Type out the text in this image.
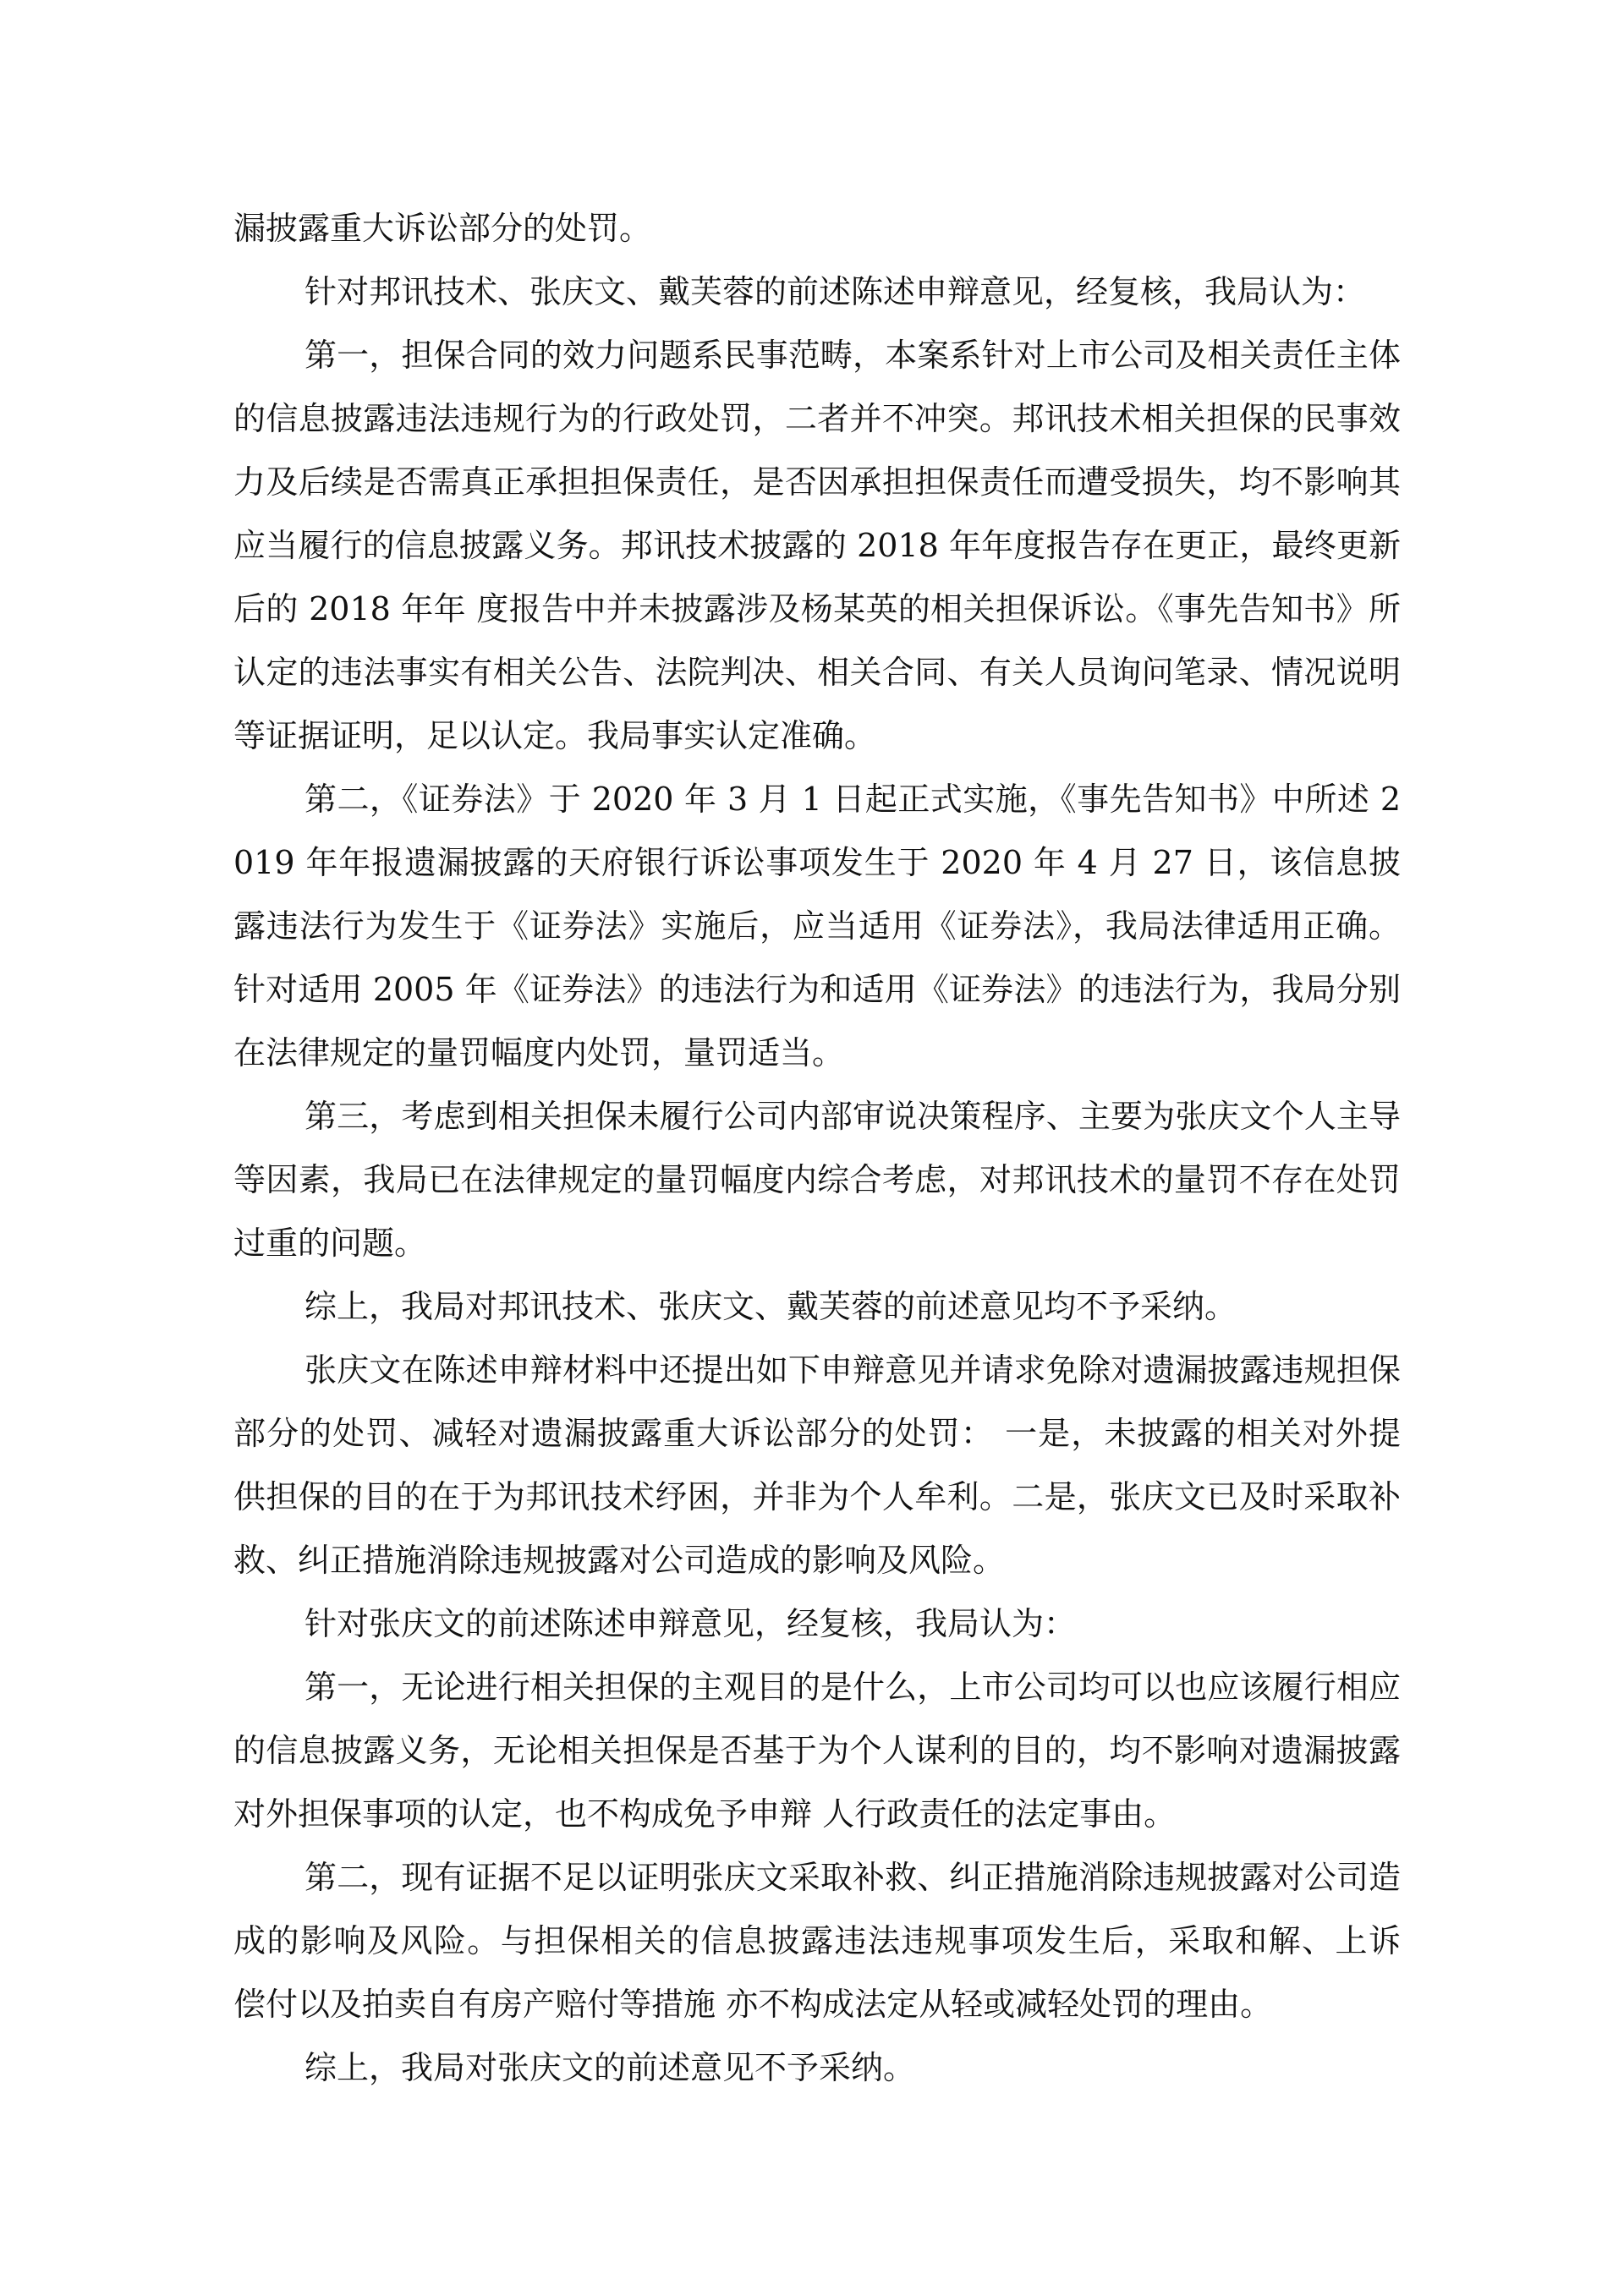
漏披露重大诉讼部分的处罚。

针对邦讯技术、张庆文、戴芙蓉的前述陈述申辩意见，经复核，我局认为：

第一，担保合同的效力问题系民事范畴，本案系针对上市公司及相关责任主体的信息披露违法违规行为的行政处罚，二者并不冲突。邦讯技术相关担保的民事效力及后续是否需真正承担担保责任，是否因承担担保责任而遭受损失，均不影响其应当履行的信息披露义务。邦讯技术披露的 2018 年年度报告存在更正，最终更新后的 2018 年年 度报告中并未披露涉及杨某英的相关担保诉讼。《事先告知书》所认定的违法事实有相关公告、法院判决、相关合同、有关人员询问笔录、情况说明等证据证明，足以认定。我局事实认定准确。

第二，《证券法》于 2020 年 3 月 1 日起正式实施，《事先告知书》中所述 2019 年年报遗漏披露的天府银行诉讼事项发生于 2020 年 4 月 27 日，该信息披露违法行为发生于《证券法》实施后，应当适用《证券法》，我局法律适用正确。针对适用 2005 年《证券法》的违法行为和适用《证券法》的违法行为，我局分别在法律规定的量罚幅度内处罚，量罚适当。

第三，考虑到相关担保未履行公司内部审说决策程序、主要为张庆文个人主导等因素，我局已在法律规定的量罚幅度内综合考虑，对邦讯技术的量罚不存在处罚过重的问题。

综上，我局对邦讯技术、张庆文、戴芙蓉的前述意见均不予采纳。

张庆文在陈述申辩材料中还提出如下申辩意见并请求免除对遗漏披露违规担保部分的处罚、减轻对遗漏披露重大诉讼部分的处罚： 一是，未披露的相关对外提供担保的目的在于为邦讯技术纾困，并非为个人牟利。二是，张庆文已及时采取补救、纠正措施消除违规披露对公司造成的影响及风险。

针对张庆文的前述陈述申辩意见，经复核，我局认为：

第一，无论进行相关担保的主观目的是什么，上市公司均可以也应该履行相应的信息披露义务，无论相关担保是否基于为个人谋利的目的，均不影响对遗漏披露对外担保事项的认定，也不构成免予申辩 人行政责任的法定事由。

第二，现有证据不足以证明张庆文采取补救、纠正措施消除违规披露对公司造成的影响及风险。与担保相关的信息披露违法违规事项发生后，采取和解、上诉 偿付以及拍卖自有房产赔付等措施 亦不构成法定从轻或减轻处罚的理由。

综上，我局对张庆文的前述意见不予采纳。
